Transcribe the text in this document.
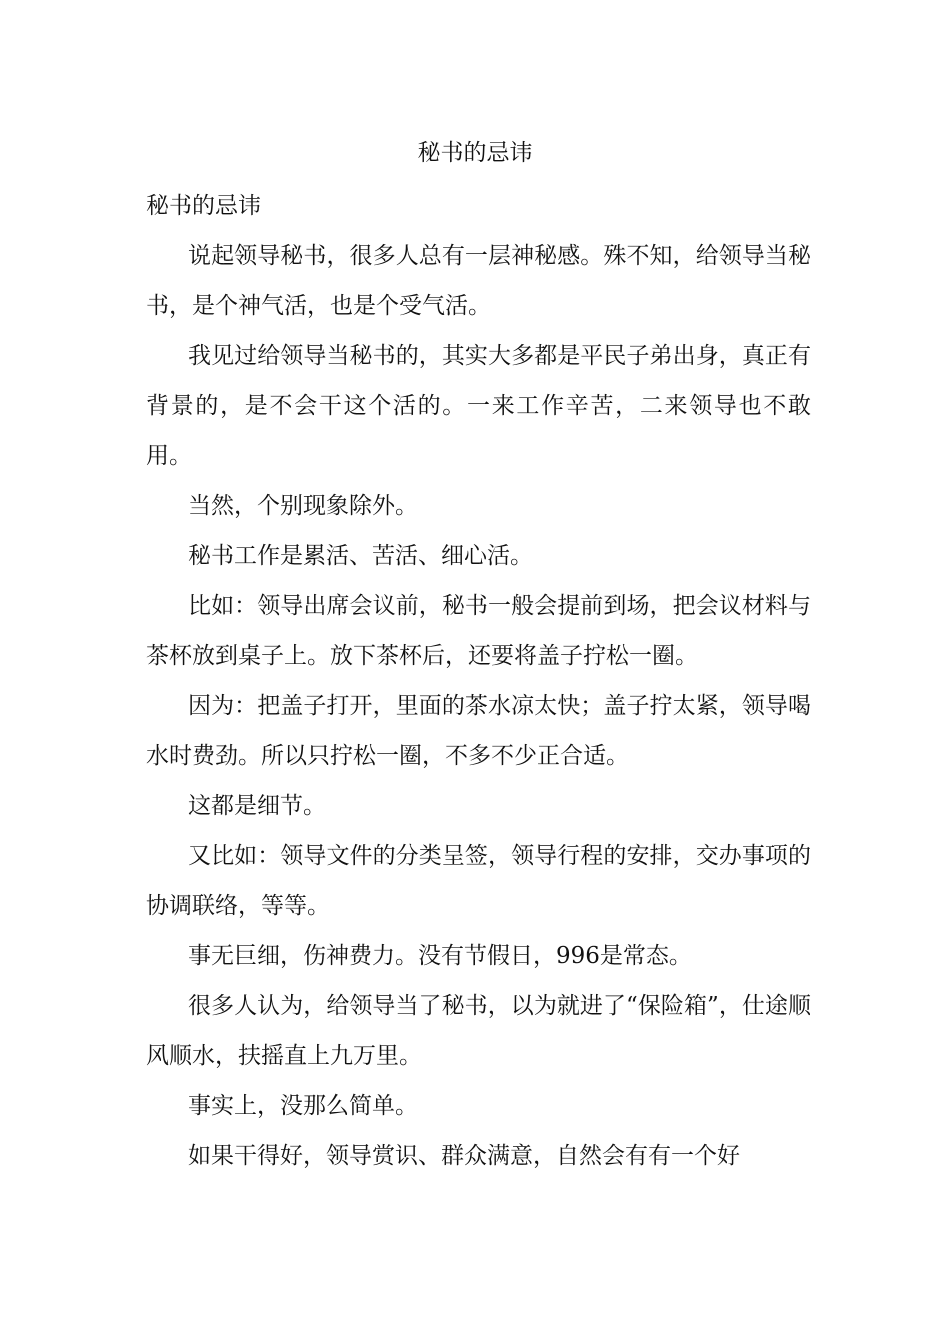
秘书的忌讳

秘书的忌讳

说起领导秘书，很多人总有一层神秘感。殊不知，给领导当秘书，是个神气活，也是个受气活。

我见过给领导当秘书的，其实大多都是平民子弟出身，真正有背景的，是不会干这个活的。一来工作辛苦，二来领导也不敢用。

当然，个别现象除外。

秘书工作是累活、苦活、细心活。

比如：领导出席会议前，秘书一般会提前到场，把会议材料与茶杯放到桌子上。放下茶杯后，还要将盖子拧松一圈。

因为：把盖子打开，里面的茶水凉太快；盖子拧太紧，领导喝水时费劲。所以只拧松一圈，不多不少正合适。

这都是细节。

又比如：领导文件的分类呈签，领导行程的安排，交办事项的协调联络，等等。

事无巨细，伤神费力。没有节假日，996是常态。

很多人认为，给领导当了秘书，以为就进了“保险箱”，仕途顺风顺水，扶摇直上九万里。

事实上，没那么简单。

如果干得好，领导赏识、群众满意，自然会有有一个好
